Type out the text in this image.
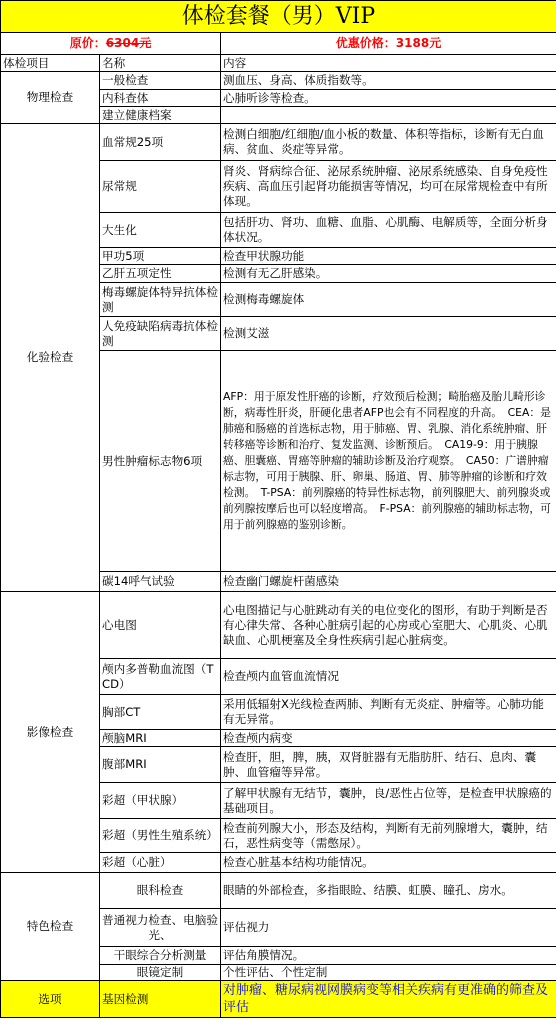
体检套餐（男）VIP		
原价：6304元		优惠价格：3188元
体检项目	名称	内容
物理检查	一般检查	测血压、身高、体质指数等。
	内科查体	心肺听诊等检查。
	建立健康档案	
化验检查	血常规25项	检测白细胞/红细胞/血小板的数量、体积等指标，诊断有无白血病、贫血、炎症等异常。
	尿常规	肾炎、肾病综合征、泌尿系统肿瘤、泌尿系统感染、自身免疫性疾病、高血压引起肾功能损害等情况，均可在尿常规检查中有所体现。
	大生化	包括肝功、肾功、血糖、血脂、心肌酶、电解质等，全面分析身体状况。
	甲功5项	检查甲状腺功能
	乙肝五项定性	检测有无乙肝感染。
	梅毒螺旋体特异抗体检测	检测梅毒螺旋体
	人免疫缺陷病毒抗体检测	检测艾滋
	男性肿瘤标志物6项	AFP：用于原发性肝癌的诊断，疗效预后检测；畸胎癌及胎儿畸形诊断，病毒性肝炎，肝硬化患者AFP也会有不同程度的升高。　CEA：是肺癌和肠癌的首选标志物，用于肺癌、胃、乳腺、消化系统肿瘤、肝转移癌等诊断和治疗、复发监测、诊断预后。　CA19-9：用于胰腺癌、胆囊癌、胃癌等肿瘤的辅助诊断及治疗观察。　CA50：广谱肿瘤标志物，可用于胰腺、肝、卵巢、肠道、胃、肺等肿瘤的诊断和疗效检测。　T-PSA：前列腺癌的特异性标志物，前列腺肥大、前列腺炎或前列腺按摩后也可以轻度增高。　F-PSA：前列腺癌的辅助标志物，可用于前列腺癌的鉴别诊断。
	碳14呼气试验	检查幽门螺旋杆菌感染
影像检查	心电图	心电图描记与心脏跳动有关的电位变化的图形，有助于判断是否有心律失常、各种心脏病引起的心房或心室肥大、心肌炎、心肌缺血、心肌梗塞及全身性疾病引起心脏病变。
	颅内多普勒血流图（TCD）	检查颅内血管血流情况
	胸部CT	采用低辐射X光线检查两肺、判断有无炎症、肿瘤等。心肺功能有无异常。
	颅脑MRI	检查颅内病变
	腹部MRI	检查肝，胆，脾，胰，双肾脏器有无脂肪肝、结石、息肉、囊肿、血管瘤等异常。
	彩超（甲状腺）	了解甲状腺有无结节，囊肿，良/恶性占位等，是检查甲状腺癌的基础项目。
	彩超（男性生殖系统）	检查前列腺大小，形态及结构，判断有无前列腺增大，囊肿，结石，恶性病变等（需憋尿）。
	彩超（心脏）	检查心脏基本结构功能情况。
特色检查	眼科检查	眼睛的外部检查，多指眼睑、结膜、虹膜、瞳孔、房水。
	普通视力检查、电脑验光、	评估视力
	干眼综合分析测量	评估角膜情况。
	眼镜定制	个性评估、个性定制
选项	基因检测	对肿瘤、糖尿病视网膜病变等相关疾病有更准确的筛查及评估
